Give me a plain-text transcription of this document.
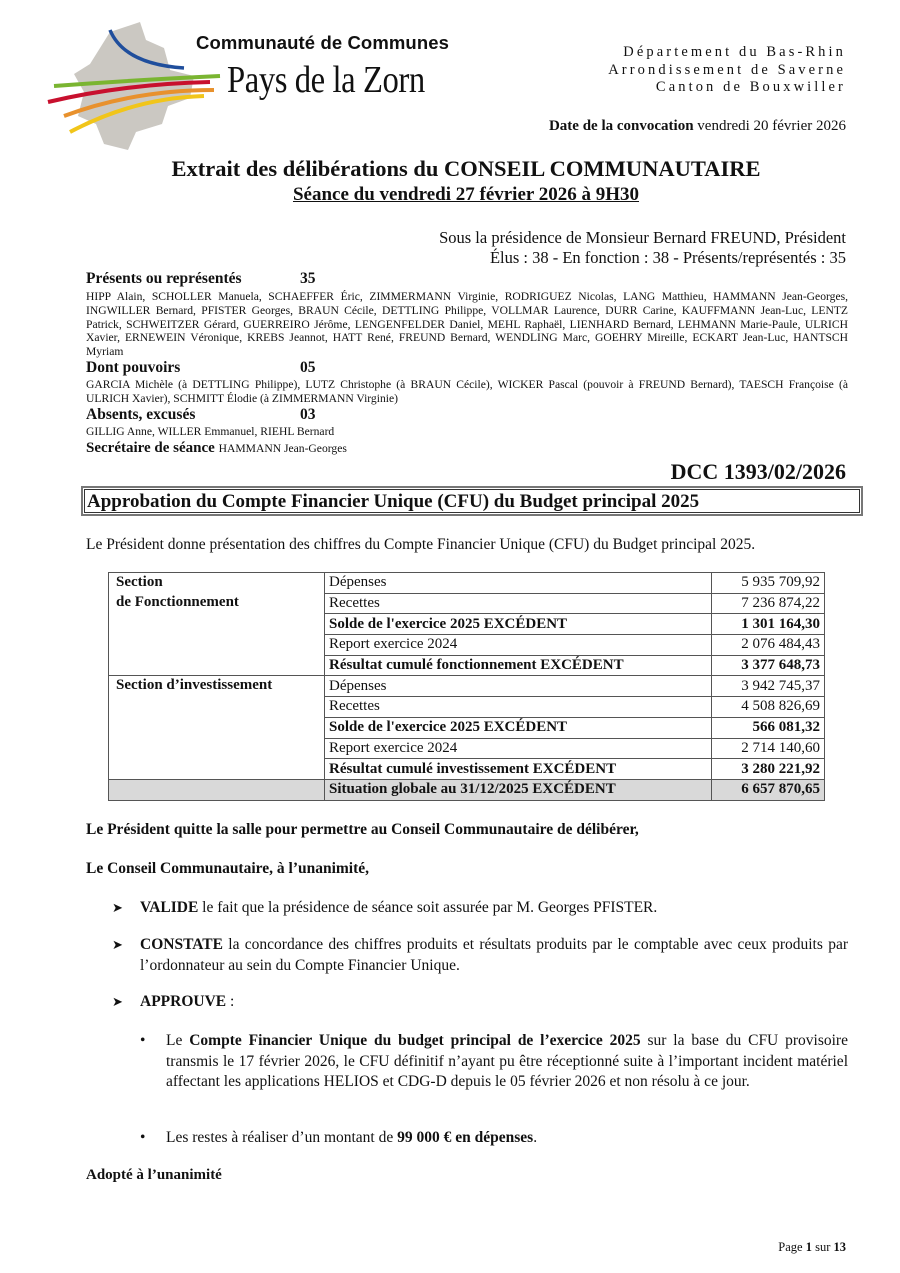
Communauté de Communes
Pays de la Zorn
Département du Bas-Rhin
Arrondissement de Saverne
Canton de Bouxwiller
Date de la convocation vendredi 20 février 2026
Extrait des délibérations du CONSEIL COMMUNAUTAIRE
Séance du vendredi 27 février 2026 à 9H30
Sous la présidence de Monsieur Bernard FREUND, Président
Élus : 38 - En fonction : 38 - Présents/représentés : 35
Présents ou représentés	35
HIPP Alain, SCHOLLER Manuela, SCHAEFFER Éric, ZIMMERMANN Virginie, RODRIGUEZ Nicolas, LANG Matthieu, HAMMANN Jean-Georges, INGWILLER Bernard, PFISTER Georges, BRAUN Cécile, DETTLING Philippe, VOLLMAR Laurence, DURR Carine, KAUFFMANN Jean-Luc, LENTZ Patrick, SCHWEITZER Gérard, GUERREIRO Jérôme, LENGENFELDER Daniel, MEHL Raphaël, LIENHARD Bernard, LEHMANN Marie-Paule, ULRICH Xavier, ERNEWEIN Véronique, KREBS Jeannot, HATT René, FREUND Bernard, WENDLING Marc, GOEHRY Mireille, ECKART Jean-Luc, HANTSCH Myriam
Dont pouvoirs	05
GARCIA Michèle (à DETTLING Philippe), LUTZ Christophe (à BRAUN Cécile), WICKER Pascal (pouvoir à FREUND Bernard), TAESCH Françoise (à ULRICH Xavier), SCHMITT Élodie (à ZIMMERMANN Virginie)
Absents, excusés	03
GILLIG Anne, WILLER Emmanuel, RIEHL Bernard
Secrétaire de séance HAMMANN Jean-Georges
DCC 1393/02/2026
Approbation du Compte Financier Unique (CFU) du Budget principal 2025
Le Président donne présentation des chiffres du Compte Financier Unique (CFU) du Budget principal 2025.
Section	Dépenses	5 935 709,92
de Fonctionnement	Recettes	7 236 874,22
	Solde de l'exercice 2025 EXCÉDENT	1 301 164,30
	Report exercice 2024	2 076 484,43
	Résultat cumulé fonctionnement EXCÉDENT	3 377 648,73
Section d’investissement	Dépenses	3 942 745,37
	Recettes	4 508 826,69
	Solde de l'exercice 2025 EXCÉDENT	566 081,32
	Report exercice 2024	2 714 140,60
	Résultat cumulé investissement EXCÉDENT	3 280 221,92
	Situation globale au 31/12/2025 EXCÉDENT	6 657 870,65
Le Président quitte la salle pour permettre au Conseil Communautaire de délibérer,
Le Conseil Communautaire, à l’unanimité,
➤ VALIDE le fait que la présidence de séance soit assurée par M. Georges PFISTER.
➤ CONSTATE la concordance des chiffres produits et résultats produits par le comptable avec ceux produits par l’ordonnateur au sein du Compte Financier Unique.
➤ APPROUVE :
• Le Compte Financier Unique du budget principal de l’exercice 2025 sur la base du CFU provisoire transmis le 17 février 2026, le CFU définitif n’ayant pu être réceptionné suite à l’important incident matériel affectant les applications HELIOS et CDG-D depuis le 05 février 2026 et non résolu à ce jour.
• Les restes à réaliser d’un montant de 99 000 € en dépenses.
Adopté à l’unanimité
Page 1 sur 13
